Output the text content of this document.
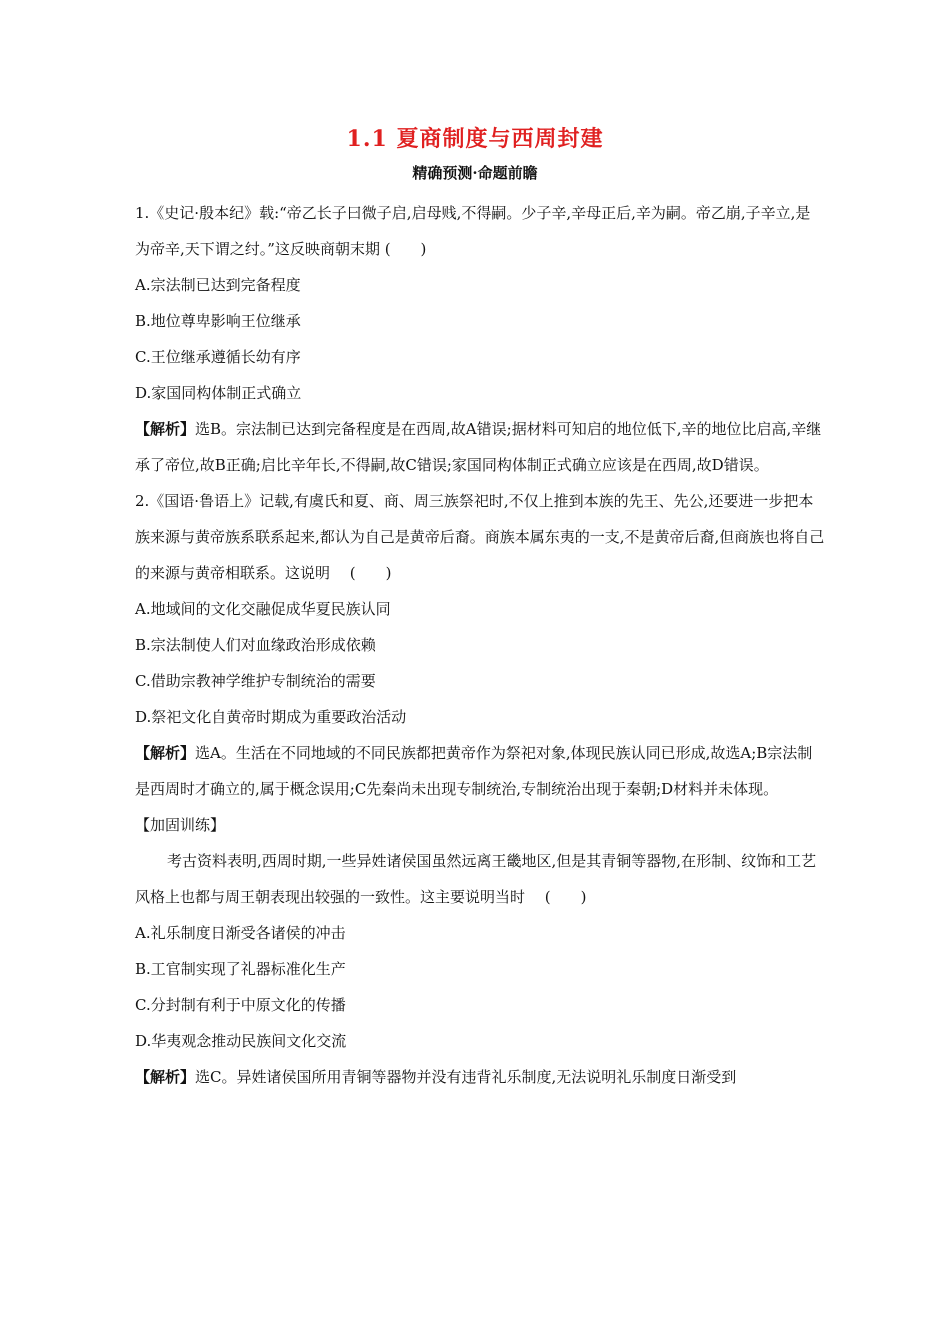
1.1 夏商制度与西周封建
精确预测·命题前瞻

1.《史记·殷本纪》载:“帝乙长子曰微子启,启母贱,不得嗣。少子辛,辛母正后,辛为嗣。帝乙崩,子辛立,是为帝辛,天下谓之纣。”这反映商朝末期 (　　)

A.宗法制已达到完备程度

B.地位尊卑影响王位继承

C.王位继承遵循长幼有序

D.家国同构体制正式确立

【解析】选B。宗法制已达到完备程度是在西周,故A错误;据材料可知启的地位低下,辛的地位比启高,辛继承了帝位,故B正确;启比辛年长,不得嗣,故C错误;家国同构体制正式确立应该是在西周,故D错误。

2.《国语·鲁语上》记载,有虞氏和夏、商、周三族祭祀时,不仅上推到本族的先王、先公,还要进一步把本族来源与黄帝族系联系起来,都认为自己是黄帝后裔。商族本属东夷的一支,不是黄帝后裔,但商族也将自己的来源与黄帝相联系。这说明 　(　　)

A.地域间的文化交融促成华夏民族认同

B.宗法制使人们对血缘政治形成依赖

C.借助宗教神学维护专制统治的需要

D.祭祀文化自黄帝时期成为重要政治活动

【解析】选A。生活在不同地域的不同民族都把黄帝作为祭祀对象,体现民族认同已形成,故选A;B宗法制是西周时才确立的,属于概念误用;C先秦尚未出现专制统治,专制统治出现于秦朝;D材料并未体现。

【加固训练】

考古资料表明,西周时期,一些异姓诸侯国虽然远离王畿地区,但是其青铜等器物,在形制、纹饰和工艺风格上也都与周王朝表现出较强的一致性。这主要说明当时 　(　　)

A.礼乐制度日渐受各诸侯的冲击

B.工官制实现了礼器标准化生产

C.分封制有利于中原文化的传播

D.华夷观念推动民族间文化交流

【解析】选C。异姓诸侯国所用青铜等器物并没有违背礼乐制度,无法说明礼乐制度日渐受到
